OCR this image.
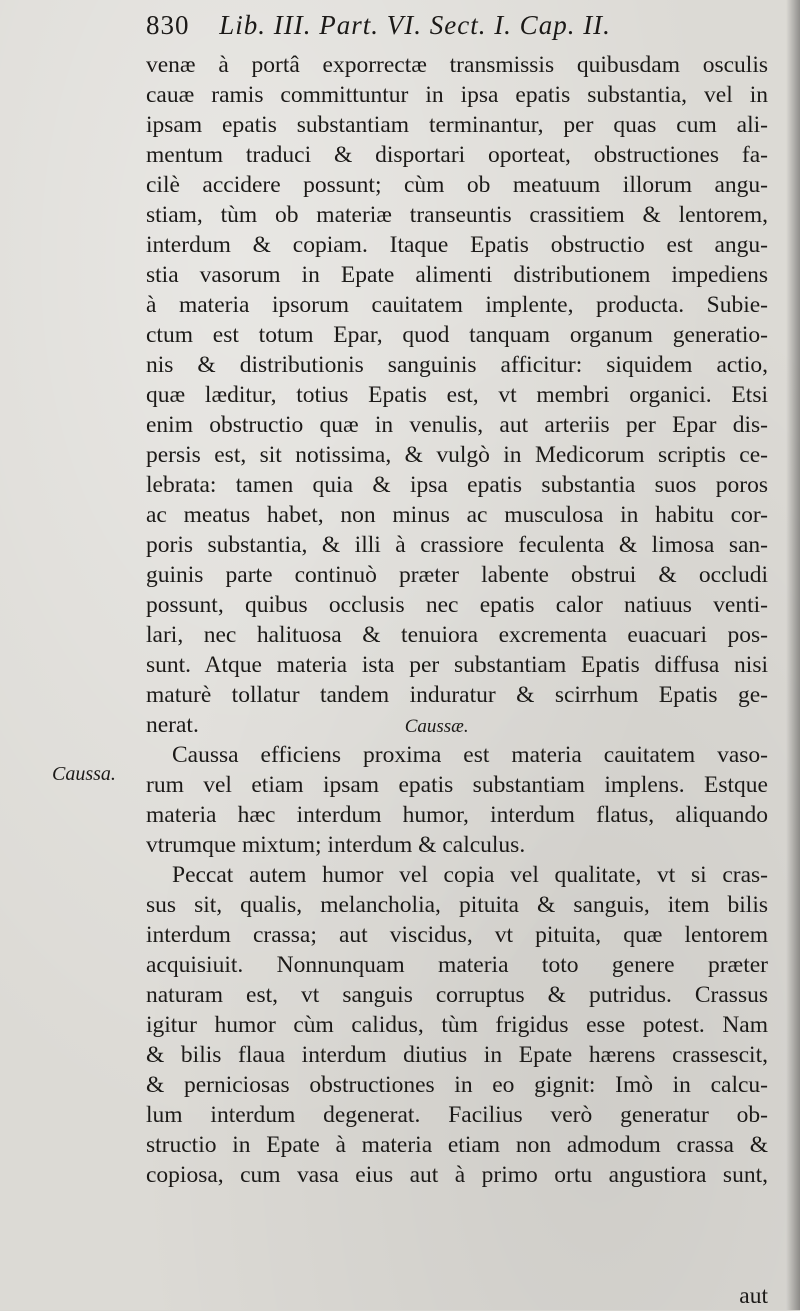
830 Lib. III. Part. VI. Sect. I. Cap. II.
venæ à portâ exporrectæ transmissis quibusdam osculis
cauæ ramis committuntur in ipsa epatis substantia, vel in
ipsam epatis substantiam terminantur, per quas cum ali-
mentum traduci & disportari oporteat, obstructiones fa-
cilè accidere possunt; cùm ob meatuum illorum angu-
stiam, tùm ob materiæ transeuntis crassitiem & lentorem,
interdum & copiam. Itaque Epatis obstructio est angu-
stia vasorum in Epate alimenti distributionem impediens
à materia ipsorum cauitatem implente, producta. Subie-
ctum est totum Epar, quod tanquam organum generatio-
nis & distributionis sanguinis afficitur: siquidem actio,
quæ læditur, totius Epatis est, vt membri organici. Etsi
enim obstructio quæ in venulis, aut arteriis per Epar dis-
persis est, sit notissima, & vulgò in Medicorum scriptis ce-
lebrata: tamen quia & ipsa epatis substantia suos poros
ac meatus habet, non minus ac musculosa in habitu cor-
poris substantia, & illi à crassiore feculenta & limosa san-
guinis parte continuò præter labente obstrui & occludi
possunt, quibus occlusis nec epatis calor natiuus venti-
lari, nec halituosa & tenuiora excrementa euacuari pos-
sunt. Atque materia ista per substantiam Epatis diffusa nisi
maturè tollatur tandem induratur & scirrhum Epatis ge-
nerat.	Caussæ.
Caussa efficiens proxima est materia cauitatem vaso-
rum vel etiam ipsam epatis substantiam implens. Estque
materia hæc interdum humor, interdum flatus, aliquando
vtrumque mixtum; interdum & calculus.
Peccat autem humor vel copia vel qualitate, vt si cras-
sus sit, qualis, melancholia, pituita & sanguis, item bilis
interdum crassa; aut viscidus, vt pituita, quæ lentorem
acquisiuit. Nonnunquam materia toto genere præter
naturam est, vt sanguis corruptus & putridus. Crassus
igitur humor cùm calidus, tùm frigidus esse potest. Nam
& bilis flaua interdum diutius in Epate hærens crassescit,
& perniciosas obstructiones in eo gignit: Imò in calcu-
lum interdum degenerat. Facilius verò generatur ob-
structio in Epate à materia etiam non admodum crassa &
copiosa, cum vasa eius aut à primo ortu angustiora sunt,
Caussa.
aut
